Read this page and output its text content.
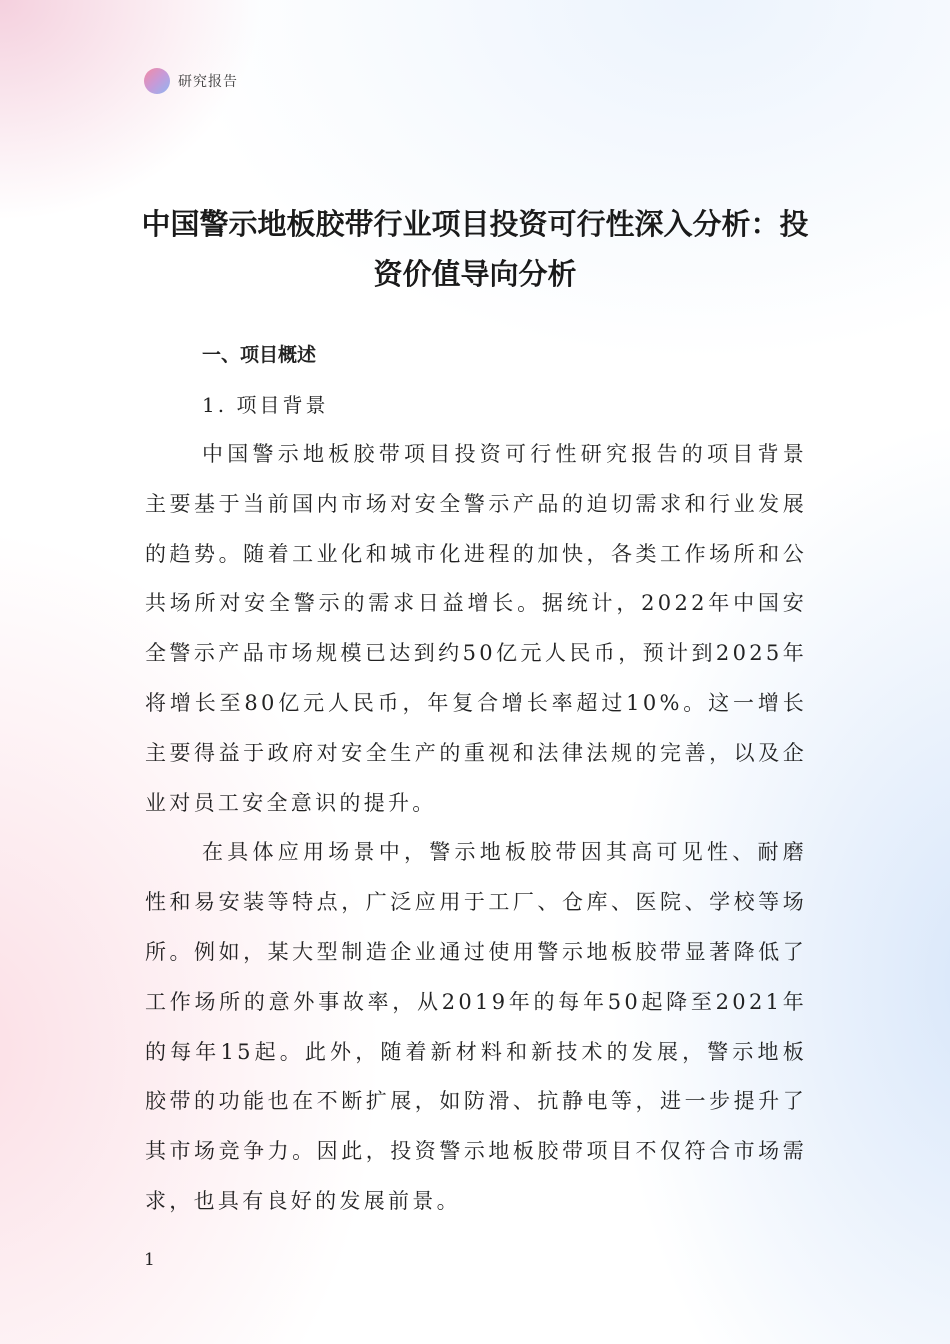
研究报告
中国警示地板胶带行业项目投资可行性深入分析：投资价值导向分析
一、项目概述
1. 项目背景

中国警示地板胶带项目投资可行性研究报告的项目背景主要基于当前国内市场对安全警示产品的迫切需求和行业发展的趋势。随着工业化和城市化进程的加快，各类工作场所和公共场所对安全警示的需求日益增长。据统计，2022年中国安全警示产品市场规模已达到约50亿元人民币，预计到2025年将增长至80亿元人民币，年复合增长率超过10%。这一增长主要得益于政府对安全生产的重视和法律法规的完善，以及企业对员工安全意识的提升。

在具体应用场景中，警示地板胶带因其高可见性、耐磨性和易安装等特点，广泛应用于工厂、仓库、医院、学校等场所。例如，某大型制造企业通过使用警示地板胶带显著降低了工作场所的意外事故率，从2019年的每年50起降至2021年的每年15起。此外，随着新材料和新技术的发展，警示地板胶带的功能也在不断扩展，如防滑、抗静电等，进一步提升了其市场竞争力。因此，投资警示地板胶带项目不仅符合市场需求，也具有良好的发展前景。

1
